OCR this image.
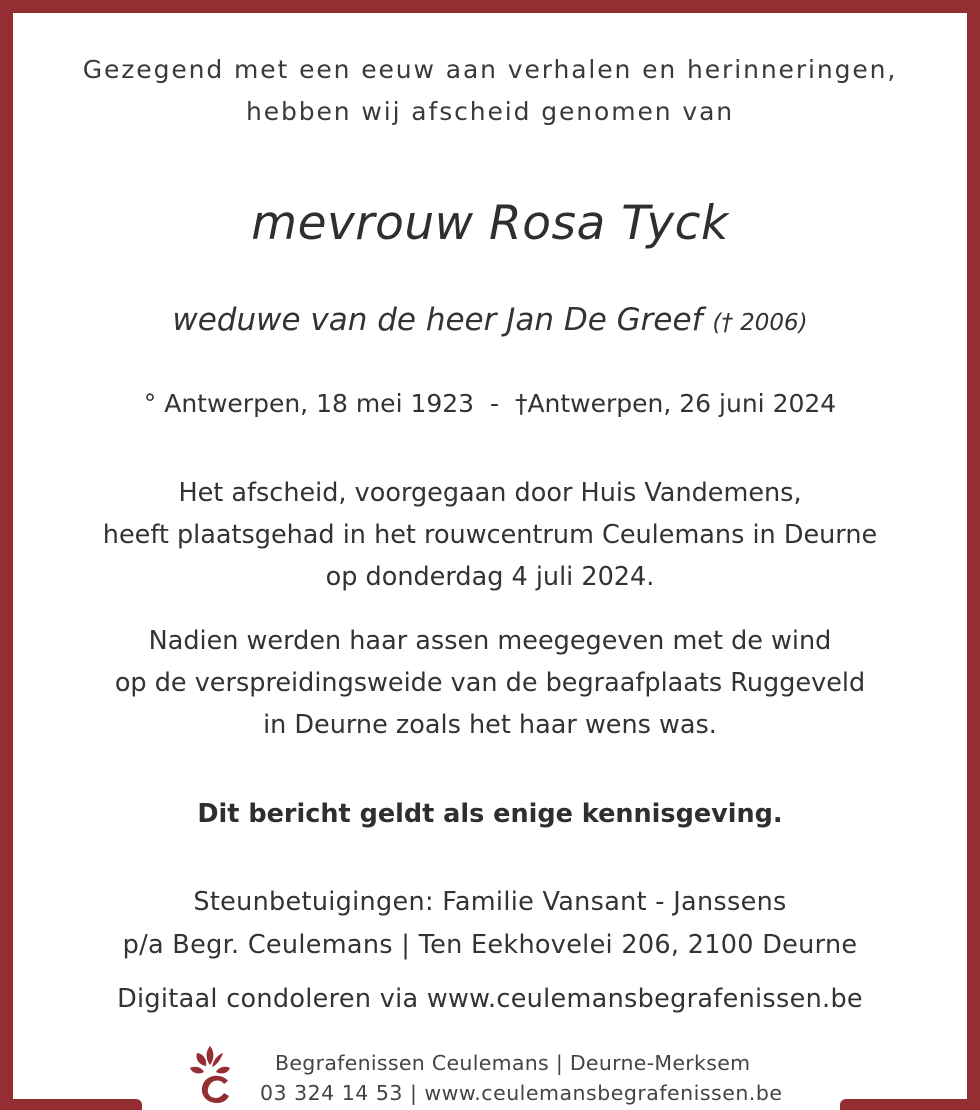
Gezegend met een eeuw aan verhalen en herinneringen,

hebben wij afscheid genomen van

mevrouw Rosa Tyck

weduwe van de heer Jan De Greef († 2006)

° Antwerpen, 18 mei 1923 - †Antwerpen, 26 juni 2024

Het afscheid, voorgegaan door Huis Vandemens,

heeft plaatsgehad in het rouwcentrum Ceulemans in Deurne

op donderdag 4 juli 2024.

Nadien werden haar assen meegegeven met de wind

op de verspreidingsweide van de begraafplaats Ruggeveld

in Deurne zoals het haar wens was.

Dit bericht geldt als enige kennisgeving.

Steunbetuigingen: Familie Vansant - Janssens

p/a Begr. Ceulemans | Ten Eekhovelei 206, 2100 Deurne

Digitaal condoleren via www.ceulemansbegrafenissen.be

Begrafenissen Ceulemans | Deurne-Merksem
03 324 14 53 | www.ceulemansbegrafenissen.be
